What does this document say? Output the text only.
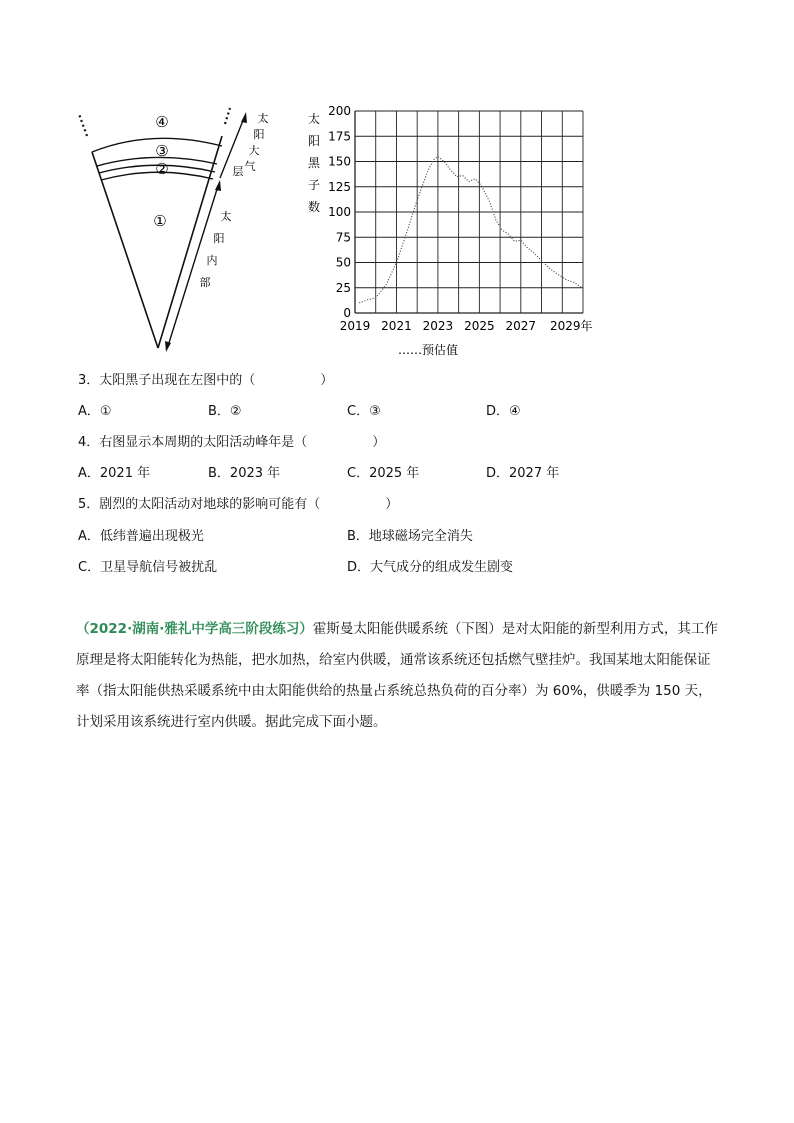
④
③
②
①
太
阳
大
气
层
太
阳
内
部
200
175
150
125
100
75
50
25
0
2019 2021 2023 2025 2027 2029年
太
阳
黑
子
数
……预估值
3．太阳黑子出现在左图中的（　　　　　）
A．①	B．②	C．③	D．④
4．右图显示本周期的太阳活动峰年是（　　　　　）
A．2021 年	B．2023 年	C．2025 年	D．2027 年
5．剧烈的太阳活动对地球的影响可能有（　　　　　）
A．低纬普遍出现极光	B．地球磁场完全消失
C．卫星导航信号被扰乱	D．大气成分的组成发生剧变
（2022·湖南·雅礼中学高三阶段练习）霍斯曼太阳能供暖系统（下图）是对太阳能的新型利用方式，其工作原理是将太阳能转化为热能，把水加热，给室内供暖，通常该系统还包括燃气壁挂炉。我国某地太阳能保证率（指太阳能供热采暖系统中由太阳能供给的热量占系统总热负荷的百分率）为 60%，供暖季为 150 天，计划采用该系统进行室内供暖。据此完成下面小题。
